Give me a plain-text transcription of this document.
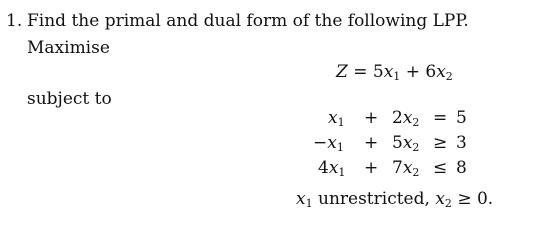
1. Find the primal and dual form of the following LPP.
Maximise
$Z = 5x_1 + 6x_2$
subject to
$x_1 + 2x_2 = 5$
$-x_1 + 5x_2 \ge 3$
$4x_1 + 7x_2 \le 8$
$x_1$ unrestricted, $x_2 \ge 0$.
